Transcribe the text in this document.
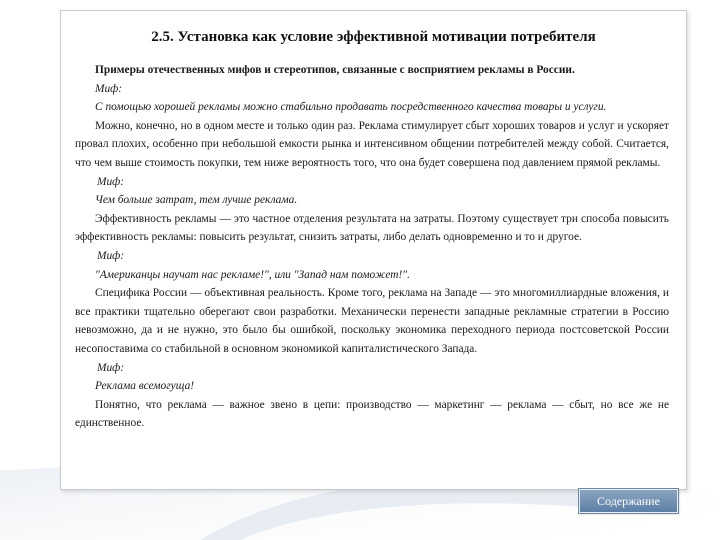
2.5. Установка как условие эффективной мотивации потребителя

Примеры отечественных мифов и стереотипов, связанные с восприятием рекламы в России.

Миф:

С помощью хорошей рекламы можно стабильно продавать посредственного качества товары и услуги.

Можно, конечно, но в одном месте и только один раз. Реклама стимулирует сбыт хороших товаров и услуг и ускоряет провал плохих, особенно при небольшой емкости рынка и интенсивном общении потребителей между собой. Считается, что чем выше стоимость покупки, тем ниже вероятность того, что она будет совершена под давлением прямой рекламы.

Миф:

Чем больше затрат, тем лучше реклама.

Эффективность рекламы — это частное отделения результата на затраты. Поэтому существует три способа повысить эффективность рекламы: повысить результат, снизить затраты, либо делать одновременно и то и другое.

Миф:

"Американцы научат нас рекламе!", или "Запад нам поможет!".

Специфика России — объективная реальность. Кроме того, реклама на Западе — это многомиллиардные вложения, и все практики тщательно оберегают свои разработки. Механически перенести западные рекламные стратегии в Россию невозможно, да и не нужно, это было бы ошибкой, поскольку экономика переходного периода постсоветской России несопоставима со стабильной в основном экономикой капиталистического Запада.

Миф:

Реклама всемогуща!

Понятно, что реклама — важное звено в цепи: производство — маркетинг — реклама — сбыт, но все же не единственное.

Содержание
